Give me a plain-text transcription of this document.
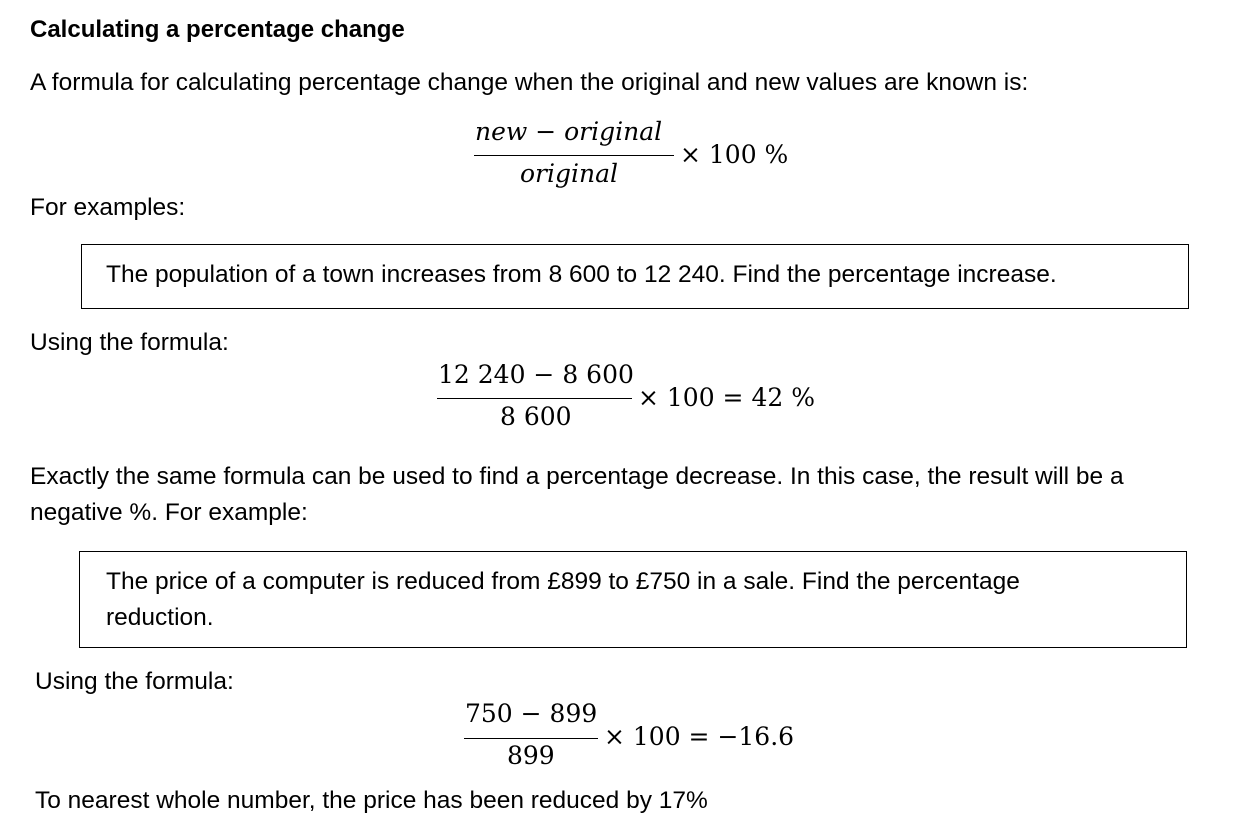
Calculating a percentage change
A formula for calculating percentage change when the original and new values are known is:
new − original
original
× 100 %
For examples:
The population of a town increases from 8 600 to 12 240. Find the percentage increase.
Using the formula:
12 240 − 8 600
8 600
× 100 = 42 %
Exactly the same formula can be used to find a percentage decrease. In this case, the result will be a
negative %. For example:
The price of a computer is reduced from £899 to £750 in a sale. Find the percentage
reduction.
Using the formula:
750 − 899
899
× 100 = −16.6
To nearest whole number, the price has been reduced by 17%
